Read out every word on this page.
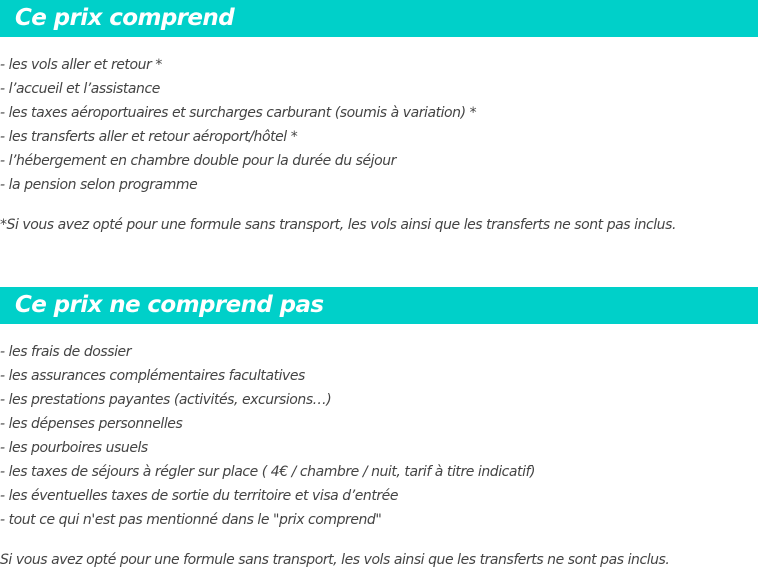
Ce prix comprend
- les vols aller et retour *
- l’accueil et l’assistance
- les taxes aéroportuaires et surcharges carburant (soumis à variation) *
- les transferts aller et retour aéroport/hôtel *
- l’hébergement en chambre double pour la durée du séjour
- la pension selon programme
*Si vous avez opté pour une formule sans transport, les vols ainsi que les transferts ne sont pas inclus.
Ce prix ne comprend pas
- les frais de dossier
- les assurances complémentaires facultatives
- les prestations payantes (activités, excursions…)
- les dépenses personnelles
- les pourboires usuels
- les taxes de séjours à régler sur place ( 4€ / chambre / nuit, tarif à titre indicatif)
- les éventuelles taxes de sortie du territoire et visa d’entrée
- tout ce qui n'est pas mentionné dans le "prix comprend"
Si vous avez opté pour une formule sans transport, les vols ainsi que les transferts ne sont pas inclus.
